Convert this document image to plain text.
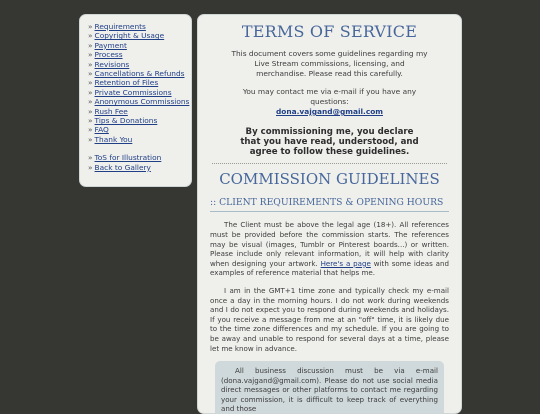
» Requirements
» Copyright & Usage
» Payment
» Process
» Revisions
» Cancellations & Refunds
» Retention of Files
» Private Commissions
» Anonymous Commissions
» Rush Fee
» Tips & Donations
» FAQ
» Thank You
» ToS for Illustration
» Back to Gallery
TERMS OF SERVICE

This document covers some guidelines regarding my Live Stream commissions, licensing, and merchandise. Please read this carefully.

You may contact me via e-mail if you have any questions:
dona.vajgand@gmail.com

By commissioning me, you declare that you have read, understood, and agree to follow these guidelines.

COMMISSION GUIDELINES
:: CLIENT REQUIREMENTS & OPENING HOURS

The Client must be above the legal age (18+). All references must be provided before the commission starts. The references may be visual (images, Tumblr or Pinterest boards...) or written. Please include only relevant information, it will help with clarity when designing your artwork. Here's a page with some ideas and examples of reference material that helps me.

I am in the GMT+1 time zone and typically check my e-mail once a day in the morning hours. I do not work during weekends and I do not expect you to respond during weekends and holidays. If you receive a message from me at an "off" time, it is likely due to the time zone differences and my schedule. If you are going to be away and unable to respond for several days at a time, please let me know in advance.

All business discussion must be via e-mail (dona.vajgand@gmail.com). Please do not use social media direct messages or other platforms to contact me regarding your commission, it is difficult to keep track of everything and those
